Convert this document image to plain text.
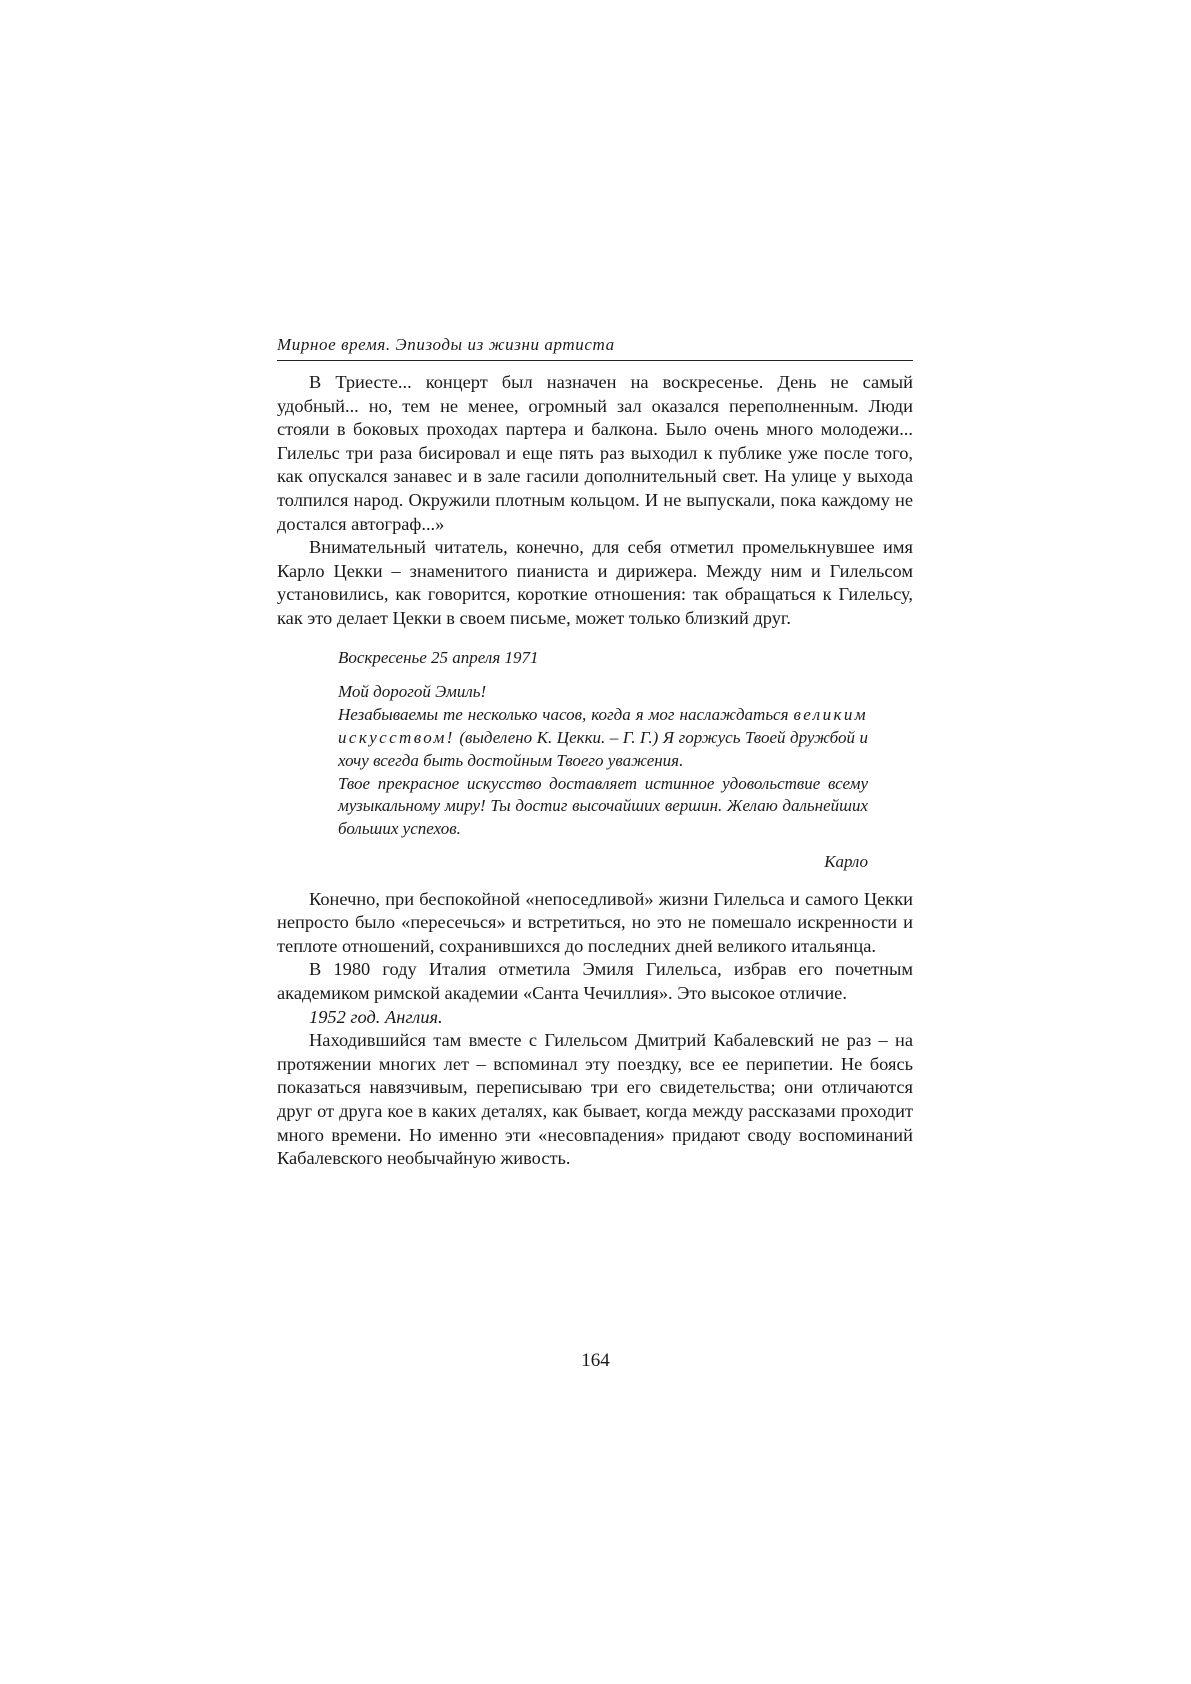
Мирное время. Эпизоды из жизни артиста

В Триесте... концерт был назначен на воскресенье. День не самый удобный... но, тем не менее, огромный зал оказался переполненным. Люди стояли в боковых проходах партера и балкона. Было очень много молодежи... Гилельс три раза бисировал и еще пять раз выходил к публике уже после того, как опускался занавес и в зале гасили дополнительный свет. На улице у выхода толпился народ. Окружили плотным кольцом. И не выпускали, пока каждому не достался автограф...»

Внимательный читатель, конечно, для себя отметил промелькнувшее имя Карло Цекки – знаменитого пианиста и дирижера. Между ним и Гилельсом установились, как говорится, короткие отношения: так обращаться к Гилельсу, как это делает Цекки в своем письме, может только близкий друг.

Воскресенье 25 апреля 1971

Мой дорогой Эмиль!

Незабываемы те несколько часов, когда я мог наслаждаться великим искусством! (выделено К. Цекки. – Г. Г.) Я горжусь Твоей дружбой и хочу всегда быть достойным Твоего уважения.

Твое прекрасное искусство доставляет истинное удовольствие всему музыкальному миру! Ты достиг высочайших вершин. Желаю дальнейших больших успехов.

Карло

Конечно, при беспокойной «непоседливой» жизни Гилельса и самого Цекки непросто было «пересечься» и встретиться, но это не помешало искренности и теплоте отношений, сохранившихся до последних дней великого итальянца.

В 1980 году Италия отметила Эмиля Гилельса, избрав его почетным академиком римской академии «Санта Чечиллия». Это высокое отличие.

1952 год. Англия.

Находившийся там вместе с Гилельсом Дмитрий Кабалевский не раз – на протяжении многих лет – вспоминал эту поездку, все ее перипетии. Не боясь показаться навязчивым, переписываю три его свидетельства; они отличаются друг от друга кое в каких деталях, как бывает, когда между рассказами проходит много времени. Но именно эти «несовпадения» придают своду воспоминаний Кабалевского необычайную живость.

164
